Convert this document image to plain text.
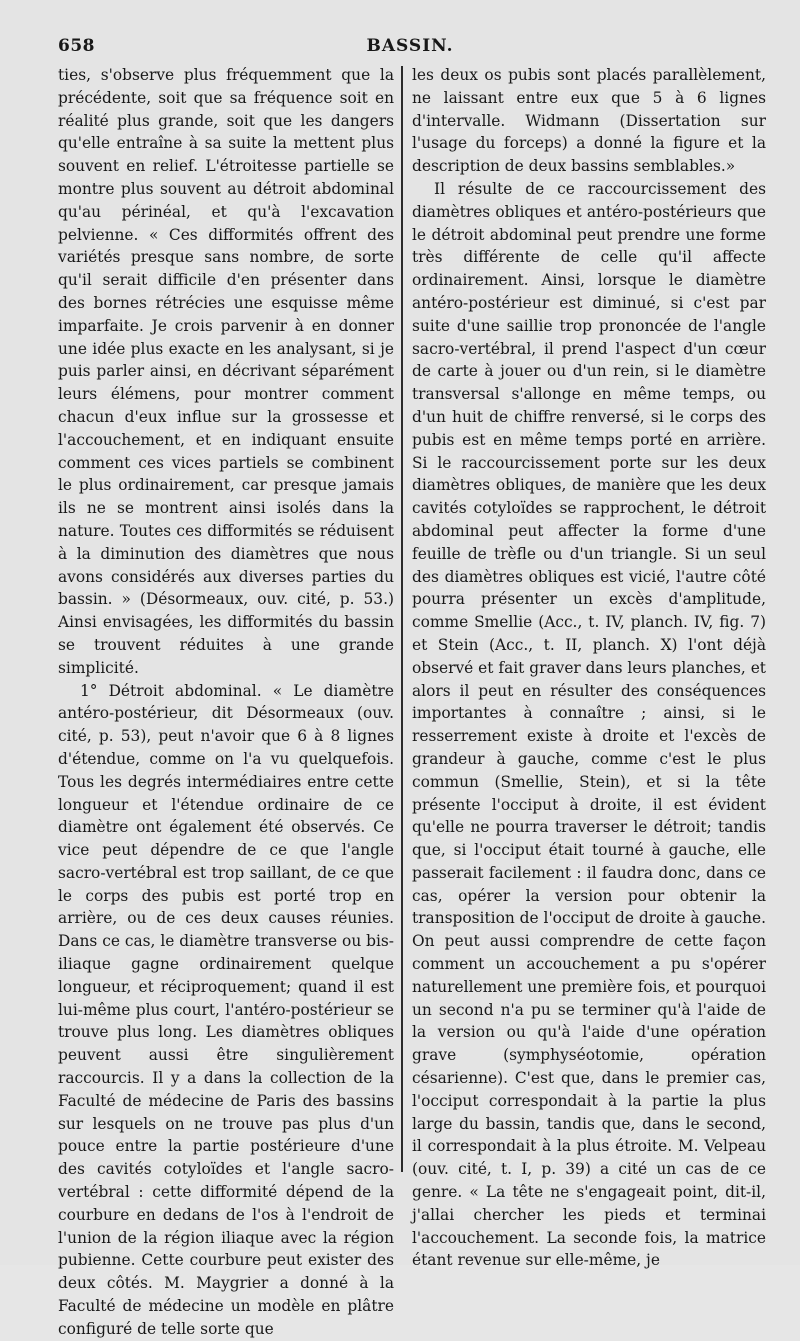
658	BASSIN.

ties, s'observe plus fréquemment que la précédente, soit que sa fréquence soit en réalité plus grande, soit que les dangers qu'elle entraîne à sa suite la mettent plus souvent en relief. L'étroitesse partielle se montre plus souvent au détroit abdominal qu'au périnéal, et qu'à l'excavation pelvienne. « Ces difformités offrent des variétés presque sans nombre, de sorte qu'il serait difficile d'en présenter dans des bornes rétrécies une esquisse même imparfaite. Je crois parvenir à en donner une idée plus exacte en les analysant, si je puis parler ainsi, en décrivant séparément leurs élémens, pour montrer comment chacun d'eux influe sur la grossesse et l'accouchement, et en indiquant ensuite comment ces vices partiels se combinent le plus ordinairement, car presque jamais ils ne se montrent ainsi isolés dans la nature. Toutes ces difformités se réduisent à la diminution des diamètres que nous avons considérés aux diverses parties du bassin. » (Désormeaux, ouv. cité, p. 53.) Ainsi envisagées, les difformités du bassin se trouvent réduites à une grande simplicité.

1° Détroit abdominal. « Le diamètre antéro-postérieur, dit Désormeaux (ouv. cité, p. 53), peut n'avoir que 6 à 8 lignes d'étendue, comme on l'a vu quelquefois. Tous les degrés intermédiaires entre cette longueur et l'étendue ordinaire de ce diamètre ont également été observés. Ce vice peut dépendre de ce que l'angle sacro-vertébral est trop saillant, de ce que le corps des pubis est porté trop en arrière, ou de ces deux causes réunies. Dans ce cas, le diamètre transverse ou bis-iliaque gagne ordinairement quelque longueur, et réciproquement; quand il est lui-même plus court, l'antéro-postérieur se trouve plus long. Les diamètres obliques peuvent aussi être singulièrement raccourcis. Il y a dans la collection de la Faculté de médecine de Paris des bassins sur lesquels on ne trouve pas plus d'un pouce entre la partie postérieure d'une des cavités cotyloïdes et l'angle sacro-vertébral : cette difformité dépend de la courbure en dedans de l'os à l'endroit de l'union de la région iliaque avec la région pubienne. Cette courbure peut exister des deux côtés. M. Maygrier a donné à la Faculté de médecine un modèle en plâtre configuré de telle sorte que

les deux os pubis sont placés parallèlement, ne laissant entre eux que 5 à 6 lignes d'intervalle. Widmann (Dissertation sur l'usage du forceps) a donné la figure et la description de deux bassins semblables.»

Il résulte de ce raccourcissement des diamètres obliques et antéro-postérieurs que le détroit abdominal peut prendre une forme très différente de celle qu'il affecte ordinairement. Ainsi, lorsque le diamètre antéro-postérieur est diminué, si c'est par suite d'une saillie trop prononcée de l'angle sacro-vertébral, il prend l'aspect d'un cœur de carte à jouer ou d'un rein, si le diamètre transversal s'allonge en même temps, ou d'un huit de chiffre renversé, si le corps des pubis est en même temps porté en arrière. Si le raccourcissement porte sur les deux diamètres obliques, de manière que les deux cavités cotyloïdes se rapprochent, le détroit abdominal peut affecter la forme d'une feuille de trèfle ou d'un triangle. Si un seul des diamètres obliques est vicié, l'autre côté pourra présenter un excès d'amplitude, comme Smellie (Acc., t. IV, planch. IV, fig. 7) et Stein (Acc., t. II, planch. X) l'ont déjà observé et fait graver dans leurs planches, et alors il peut en résulter des conséquences importantes à connaître ; ainsi, si le resserrement existe à droite et l'excès de grandeur à gauche, comme c'est le plus commun (Smellie, Stein), et si la tête présente l'occiput à droite, il est évident qu'elle ne pourra traverser le détroit; tandis que, si l'occiput était tourné à gauche, elle passerait facilement : il faudra donc, dans ce cas, opérer la version pour obtenir la transposition de l'occiput de droite à gauche. On peut aussi comprendre de cette façon comment un accouchement a pu s'opérer naturellement une première fois, et pourquoi un second n'a pu se terminer qu'à l'aide de la version ou qu'à l'aide d'une opération grave (symphyséotomie, opération césarienne). C'est que, dans le premier cas, l'occiput correspondait à la partie la plus large du bassin, tandis que, dans le second, il correspondait à la plus étroite. M. Velpeau (ouv. cité, t. I, p. 39) a cité un cas de ce genre. « La tête ne s'engageait point, dit-il, j'allai chercher les pieds et terminai l'accouchement. La seconde fois, la matrice étant revenue sur elle-même, je
